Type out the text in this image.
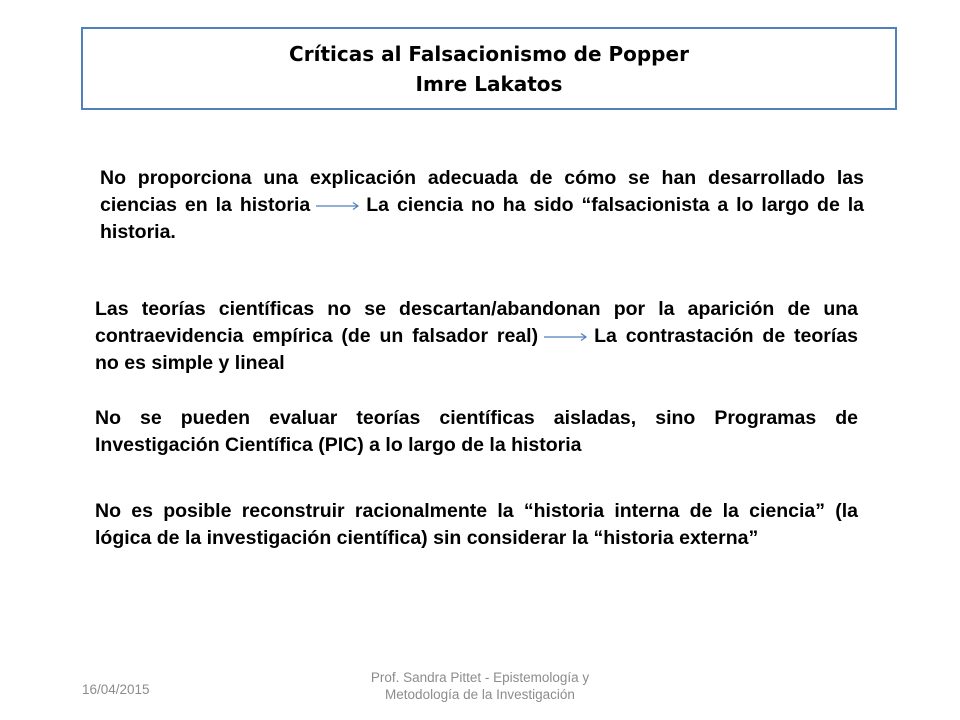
Críticas al Falsacionismo de Popper
Imre Lakatos
No proporciona una explicación adecuada de cómo se han desarrollado las ciencias en la historia	La ciencia no ha sido “falsacionista a lo largo de la historia.
Las teorías científicas no se descartan/abandonan por la aparición de una contraevidencia empírica (de un falsador real)	La contrastación de teorías no es simple y lineal
No se pueden evaluar teorías científicas aisladas, sino Programas de Investigación Científica (PIC) a lo largo de la historia
No es posible reconstruir racionalmente la “historia interna de la ciencia” (la lógica de la investigación científica) sin considerar la “historia externa”
16/04/2015
Prof. Sandra Pittet - Epistemología y
Metodología de la Investigación
